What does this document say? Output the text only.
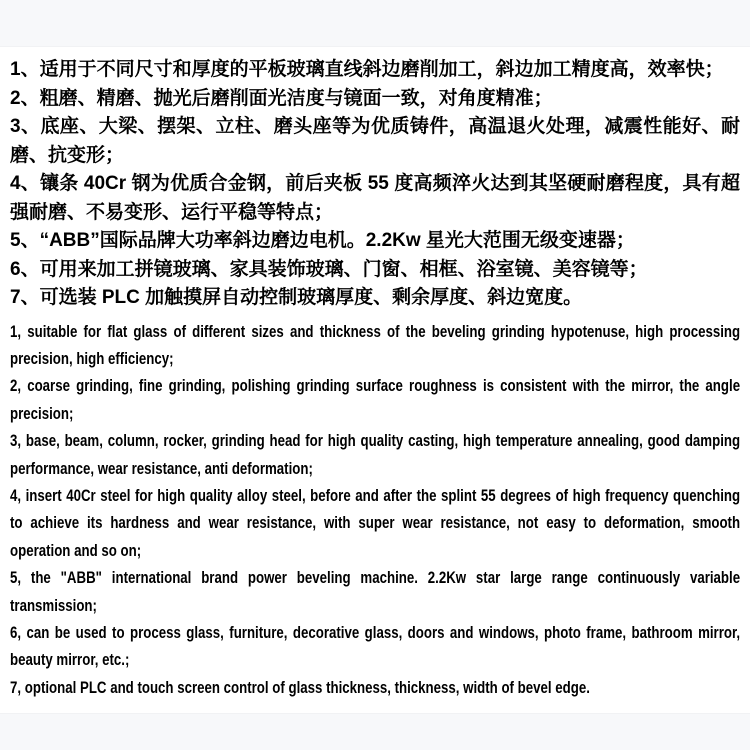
1、适用于不同尺寸和厚度的平板玻璃直线斜边磨削加工，斜边加工精度高，效率快；

2、粗磨、精磨、抛光后磨削面光洁度与镜面一致，对角度精准；

3、底座、大梁、摆架、立柱、磨头座等为优质铸件，高温退火处理，减震性能好、耐磨、抗变形；

4、镶条 40Cr 钢为优质合金钢，前后夹板 55 度高频淬火达到其坚硬耐磨程度，具有超强耐磨、不易变形、运行平稳等特点；

5、“ABB”国际品牌大功率斜边磨边电机。2.2Kw 星光大范围无级变速器；

6、可用来加工拼镜玻璃、家具装饰玻璃、门窗、相框、浴室镜、美容镜等；

7、可选装 PLC 加触摸屏自动控制玻璃厚度、剩余厚度、斜边宽度。

1, suitable for flat glass of different sizes and thickness of the beveling grinding hypotenuse, high processing precision, high efficiency;

2, coarse grinding, fine grinding, polishing grinding surface roughness is consistent with the mirror, the angle precision;

3, base, beam, column, rocker, grinding head for high quality casting, high temperature annealing, good damping performance, wear resistance, anti deformation;

4, insert 40Cr steel for high quality alloy steel, before and after the splint 55 degrees of high frequency quenching to achieve its hardness and wear resistance, with super wear resistance, not easy to deformation, smooth operation and so on;

5, the "ABB" international brand power beveling machine. 2.2Kw star large range continuously variable transmission;

6, can be used to process glass, furniture, decorative glass, doors and windows, photo frame, bathroom mirror, beauty mirror, etc.;

7, optional PLC and touch screen control of glass thickness, thickness, width of bevel edge.
